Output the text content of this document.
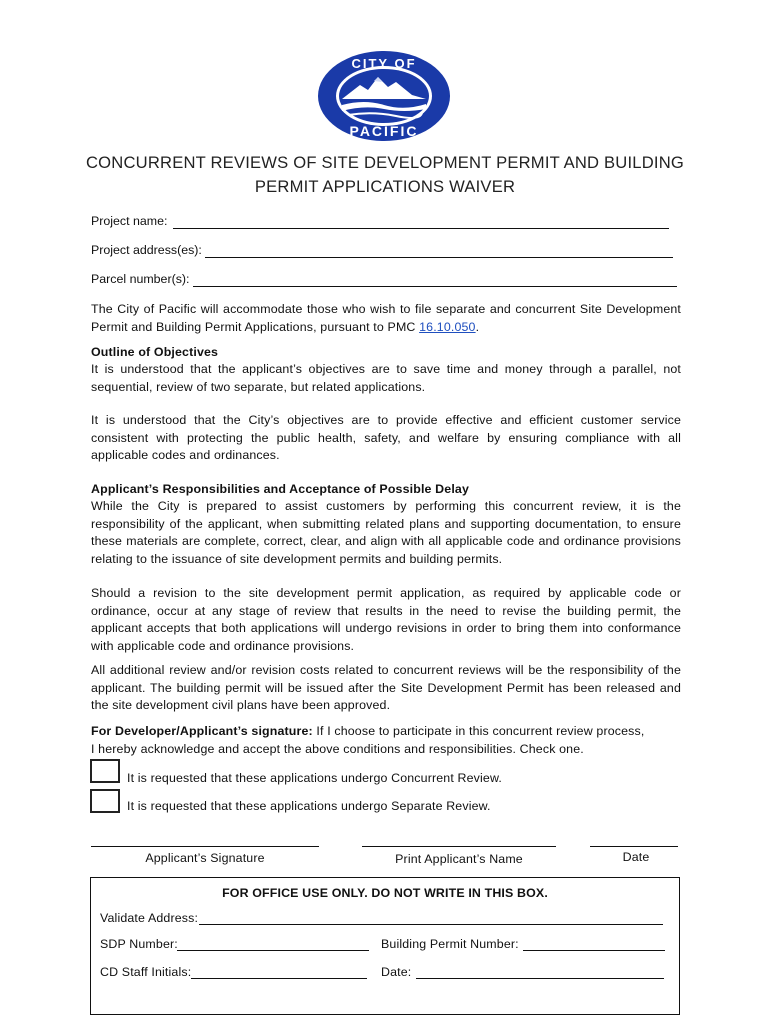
CITY OF
PACIFIC
CONCURRENT REVIEWS OF SITE DEVELOPMENT PERMIT AND BUILDING
PERMIT APPLICATIONS WAIVER
Project name:
Project address(es):
Parcel number(s):
The City of Pacific will accommodate those who wish to file separate and concurrent Site Development Permit and Building Permit Applications, pursuant to PMC 16.10.050.
Outline of Objectives
It is understood that the applicant’s objectives are to save time and money through a parallel, not sequential, review of two separate, but related applications.
It is understood that the City’s objectives are to provide effective and efficient customer service consistent with protecting the public health, safety, and welfare by ensuring compliance with all applicable codes and ordinances.
Applicant’s Responsibilities and Acceptance of Possible Delay
While the City is prepared to assist customers by performing this concurrent review, it is the responsibility of the applicant, when submitting related plans and supporting documentation, to ensure these materials are complete, correct, clear, and align with all applicable code and ordinance provisions relating to the issuance of site development permits and building permits.
Should a revision to the site development permit application, as required by applicable code or ordinance, occur at any stage of review that results in the need to revise the building permit, the applicant accepts that both applications will undergo revisions in order to bring them into conformance with applicable code and ordinance provisions.
All additional review and/or revision costs related to concurrent reviews will be the responsibility of the applicant. The building permit will be issued after the Site Development Permit has been released and the site development civil plans have been approved.
For Developer/Applicant’s signature: If I choose to participate in this concurrent review process, I hereby acknowledge and accept the above conditions and responsibilities. Check one.
It is requested that these applications undergo Concurrent Review.
It is requested that these applications undergo Separate Review.
Applicant’s Signature	Print Applicant’s Name	Date
FOR OFFICE USE ONLY. DO NOT WRITE IN THIS BOX.
Validate Address:
SDP Number:	Building Permit Number:
CD Staff Initials:	Date:
